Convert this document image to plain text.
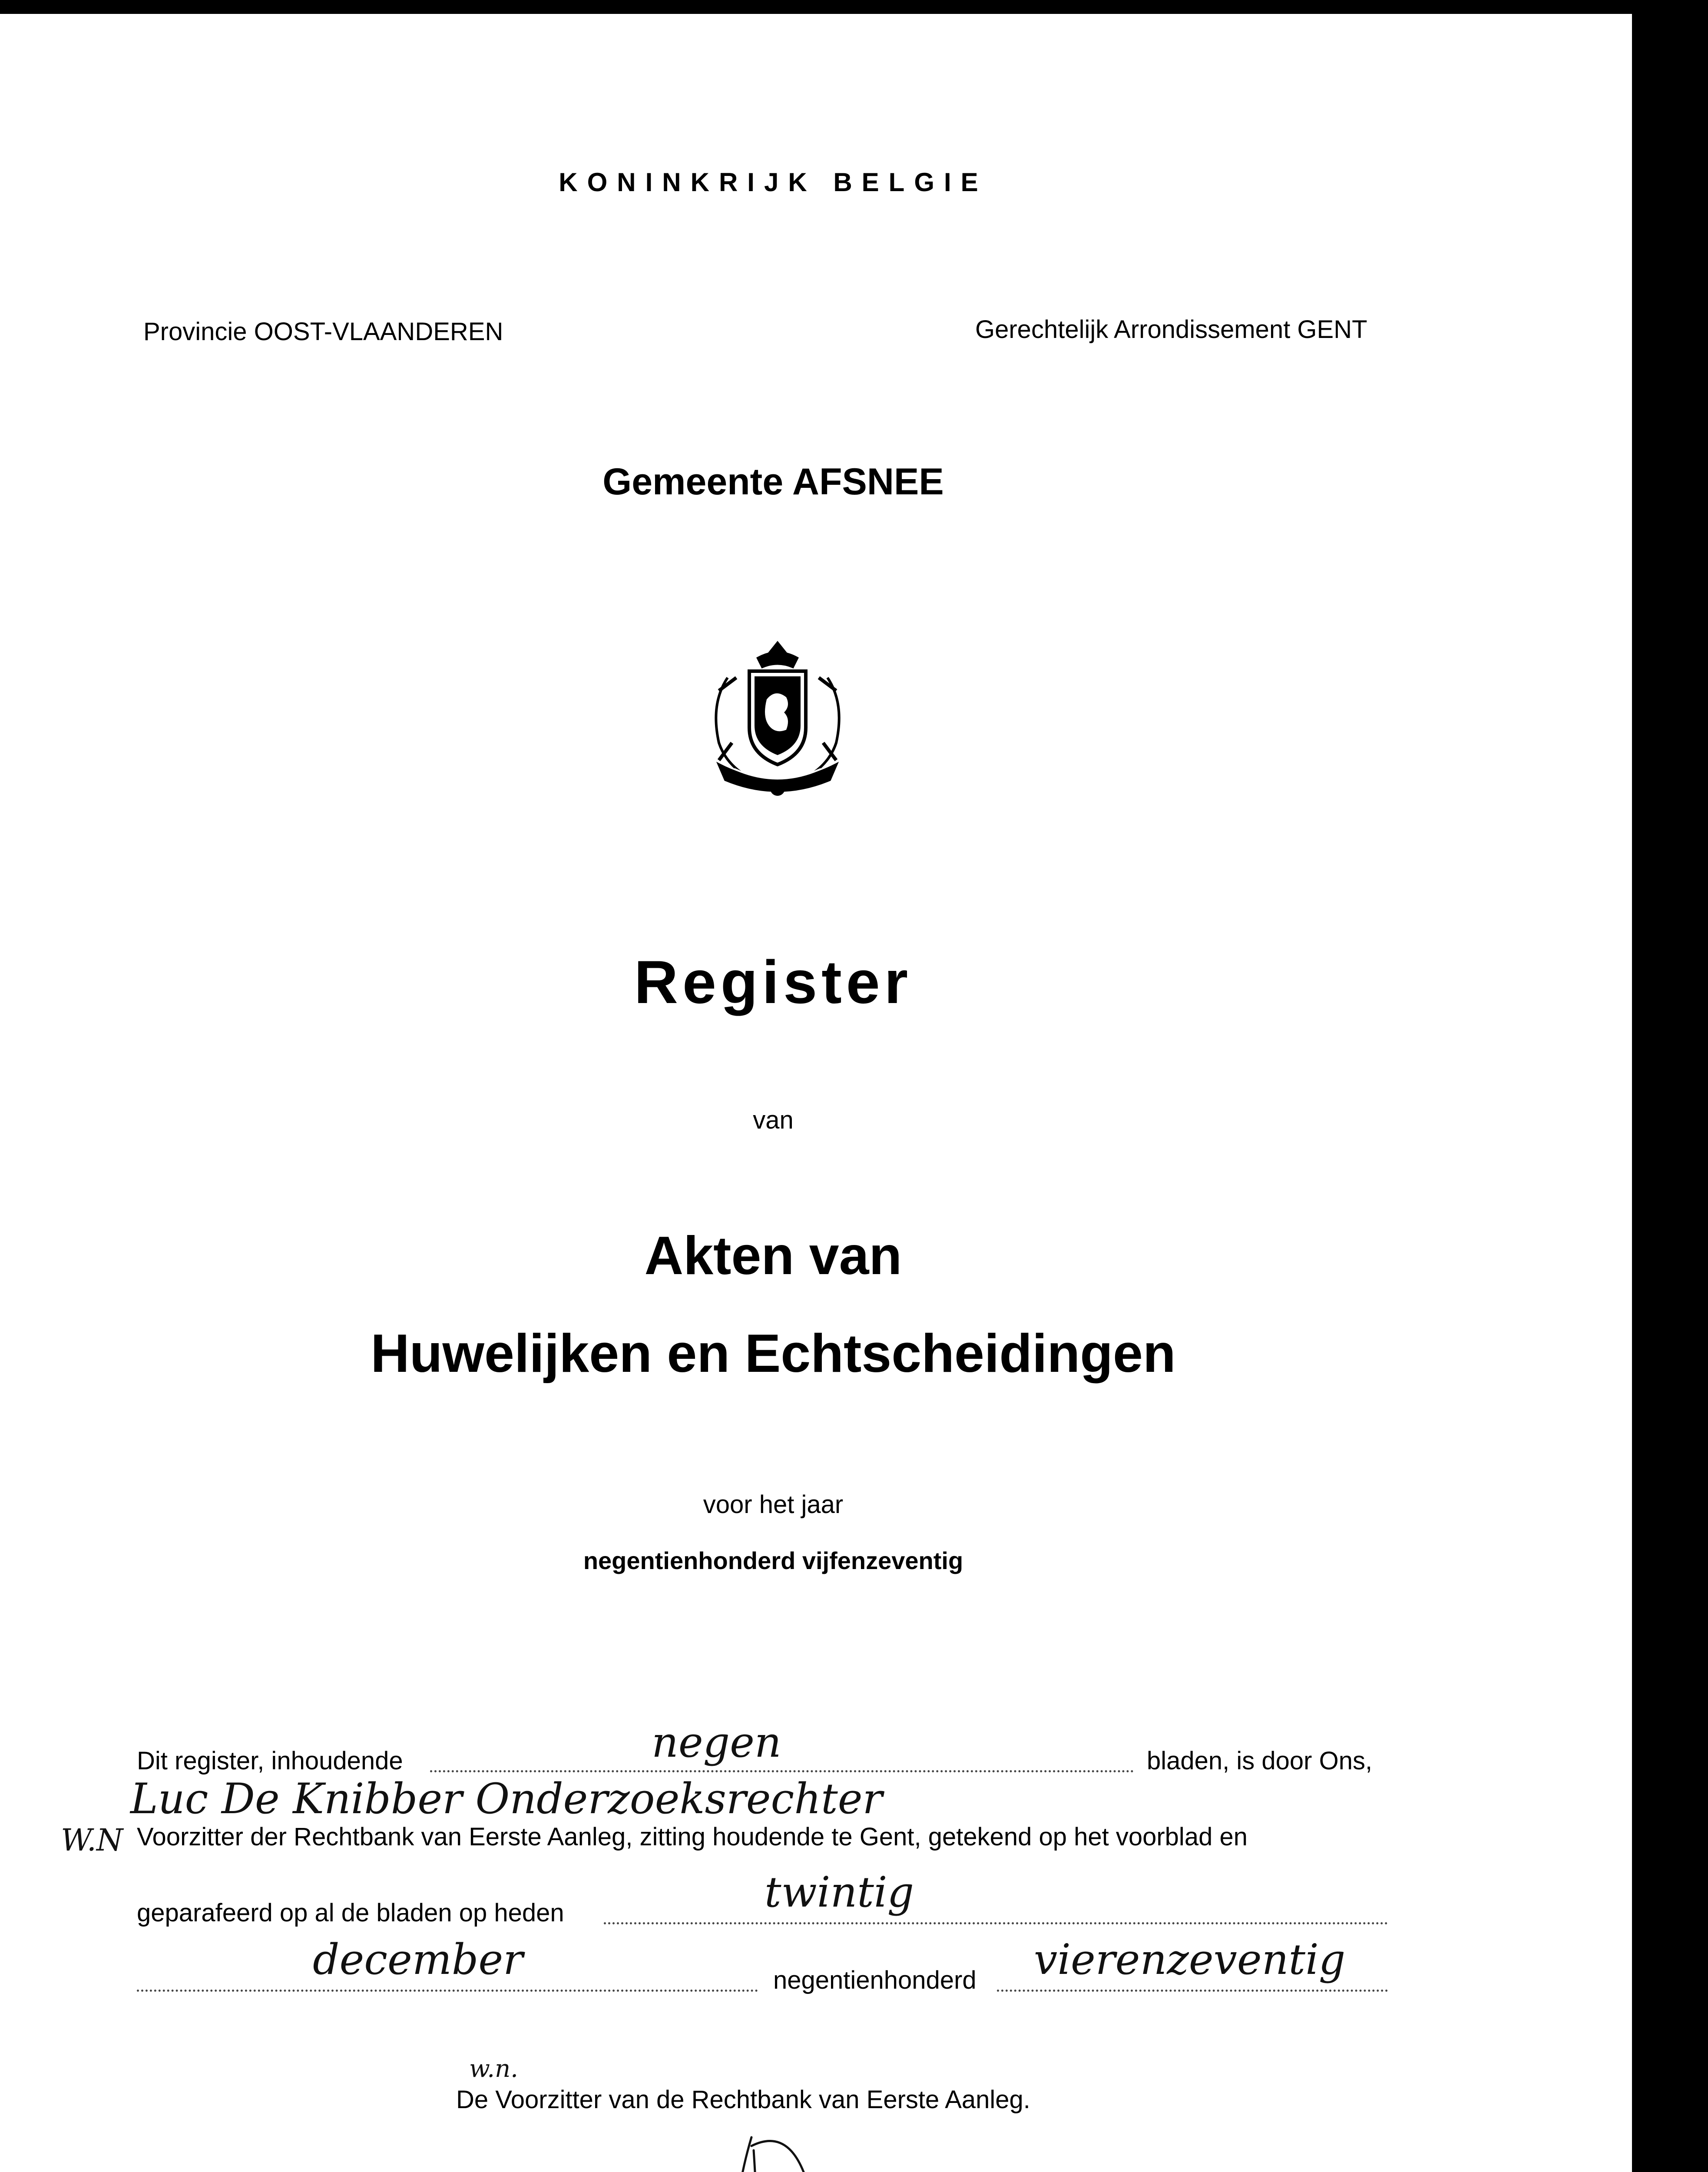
KONINKRIJK BELGIE
Provincie OOST-VLAANDEREN	Gerechtelijk Arrondissement GENT
Gemeente AFSNEE
Register
van
Akten van
Huwelijken en Echtscheidingen
voor het jaar
negentienhonderd vijfenzeventig
Dit register, inhoudende	negen	bladen, is door Ons,
Luc De Knibber Onderzoeksrechter
W.N Voorzitter der Rechtbank van Eerste Aanleg, zitting houdende te Gent, getekend op het voorblad en
geparafeerd op al de bladen op heden	twintig
december	negentienhonderd vierenzeventig
w.n.
De Voorzitter van de Rechtbank van Eerste Aanleg.
